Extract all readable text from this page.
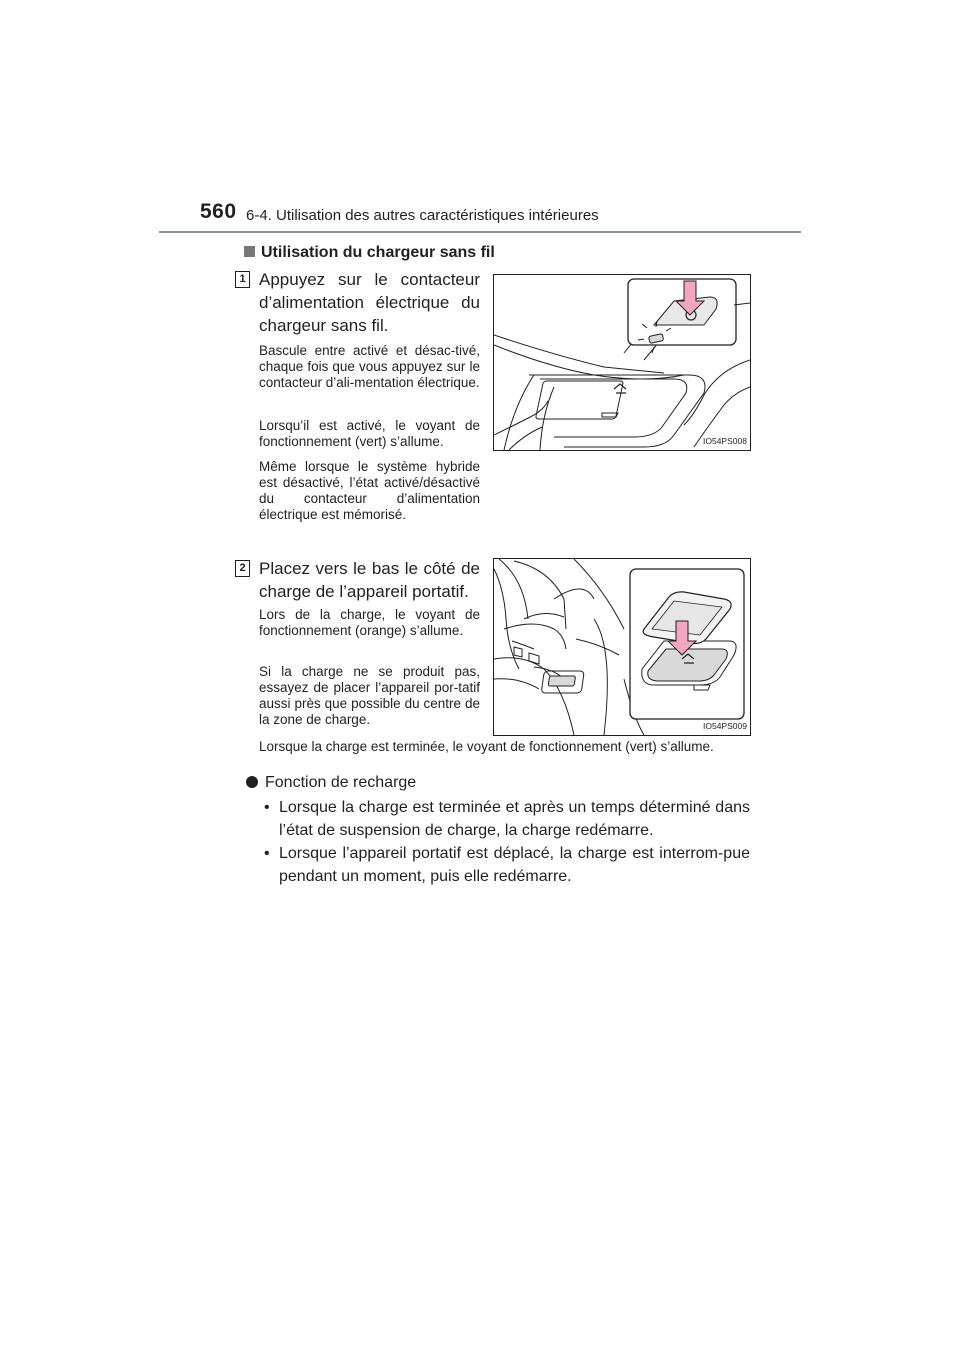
560 6-4. Utilisation des autres caractéristiques intérieures
Utilisation du chargeur sans fil
1 Appuyez sur le contacteur d’alimentation électrique du chargeur sans fil.
Bascule entre activé et désac-tivé, chaque fois que vous appuyez sur le contacteur d’ali-mentation électrique.
Lorsqu’il est activé, le voyant de fonctionnement (vert) s’allume.
Même lorsque le système hybride est désactivé, l’état activé/désactivé du contacteur d’alimentation électrique est mémorisé.
IO54PS008
2 Placez vers le bas le côté de charge de l’appareil portatif.
Lors de la charge, le voyant de fonctionnement (orange) s’allume.
Si la charge ne se produit pas, essayez de placer l’appareil por-tatif aussi près que possible du centre de la zone de charge.
Lorsque la charge est terminée, le voyant de fonctionnement (vert) s’allume.
IO54PS009
Fonction de recharge
• Lorsque la charge est terminée et après un temps déterminé dans l’état de suspension de charge, la charge redémarre.
• Lorsque l’appareil portatif est déplacé, la charge est interrom-pue pendant un moment, puis elle redémarre.
